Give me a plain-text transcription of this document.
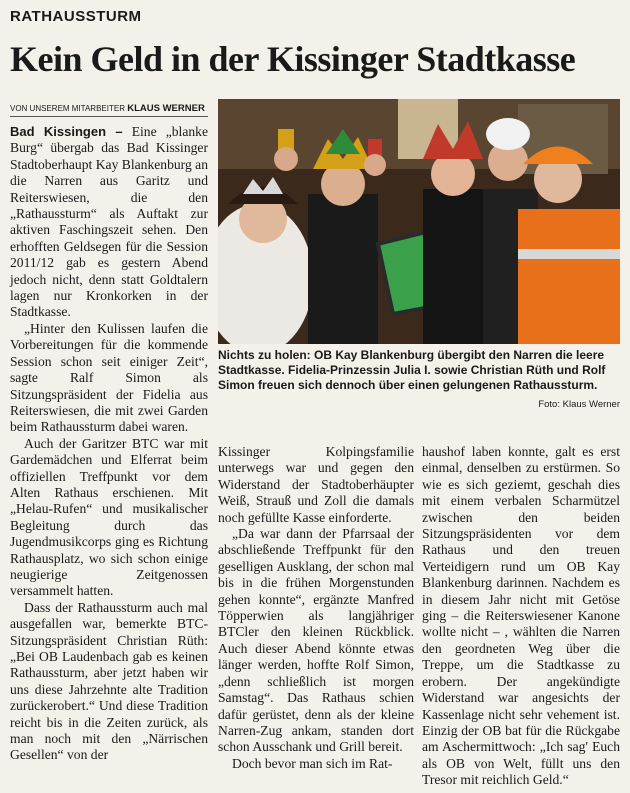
RATHAUSSTURM
Kein Geld in der Kissinger Stadtkasse
VON UNSEREM MITARBEITER KLAUS WERNER

Bad Kissingen – Eine „blanke Burg“ übergab das Bad Kissinger Stadtoberhaupt Kay Blankenburg an die Narren aus Garitz und Reiterswiesen, die den „Rathaussturm“ als Auftakt zur aktiven Faschingszeit sehen. Den erhofften Geldsegen für die Session 2011/12 gab es gestern Abend jedoch nicht, denn statt Goldtalern lagen nur Kronkorken in der Stadtkasse.

„Hinter den Kulissen laufen die Vorbereitungen für die kommende Session schon seit einiger Zeit“, sagte Ralf Simon als Sitzungspräsident der Fidelia aus Reiterswiesen, die mit zwei Garden beim Rathaussturm dabei waren.

Auch der Garitzer BTC war mit Gardemädchen und Elferrat beim offiziellen Treffpunkt vor dem Alten Rathaus erschienen. Mit „Helau-Rufen“ und musikalischer Begleitung durch das Jugendmusikcorps ging es Richtung Rathausplatz, wo sich schon einige neugierige Zeitgenossen versammelt hatten.

Dass der Rathaussturm auch mal ausgefallen war, bemerkte BTC-Sitzungspräsident Christian Rüth: „Bei OB Laudenbach gab es keinen Rathaussturm, aber jetzt haben wir uns diese Jahrzehnte alte Tradition zurückerobert.“ Und diese Tradition reicht bis in die Zeiten zurück, als man noch mit den „Närrischen Gesellen“ von der

Nichts zu holen: OB Kay Blankenburg übergibt den Narren die leere Stadtkasse. Fidelia-Prinzessin Julia I. sowie Christian Rüth und Rolf Simon freuen sich dennoch über einen gelungenen Rathaussturm.
Foto: Klaus Werner

Kissinger Kolpingsfamilie unterwegs war und gegen den Widerstand der Stadtoberhäupter Weiß, Strauß und Zoll die damals noch gefüllte Kasse einforderte.

„Da war dann der Pfarrsaal der abschließende Treffpunkt für den geselligen Ausklang, der schon mal bis in die frühen Morgenstunden gehen konnte“, ergänzte Manfred Töpperwien als langjähriger BTCler den kleinen Rückblick. Auch dieser Abend könnte etwas länger werden, hoffte Rolf Simon, „denn schließlich ist morgen Samstag“. Das Rathaus schien dafür gerüstet, denn als der kleine Narren-Zug ankam, standen dort schon Ausschank und Grill bereit.

Doch bevor man sich im Rat-

haushof laben konnte, galt es erst einmal, denselben zu erstürmen. So wie es sich geziemt, geschah dies mit einem verbalen Scharmützel zwischen den beiden Sitzungspräsidenten vor dem Rathaus und den treuen Verteidigern rund um OB Kay Blankenburg darinnen. Nachdem es in diesem Jahr nicht mit Getöse ging – die Reiterswiesener Kanone wollte nicht – , wählten die Narren den geordneten Weg über die Treppe, um die Stadtkasse zu erobern. Der angekündigte Widerstand war angesichts der Kassenlage nicht sehr vehement ist. Einzig der OB bat für die Rückgabe am Aschermittwoch: „Ich sag' Euch als OB von Welt, füllt uns den Tresor mit reichlich Geld.“
